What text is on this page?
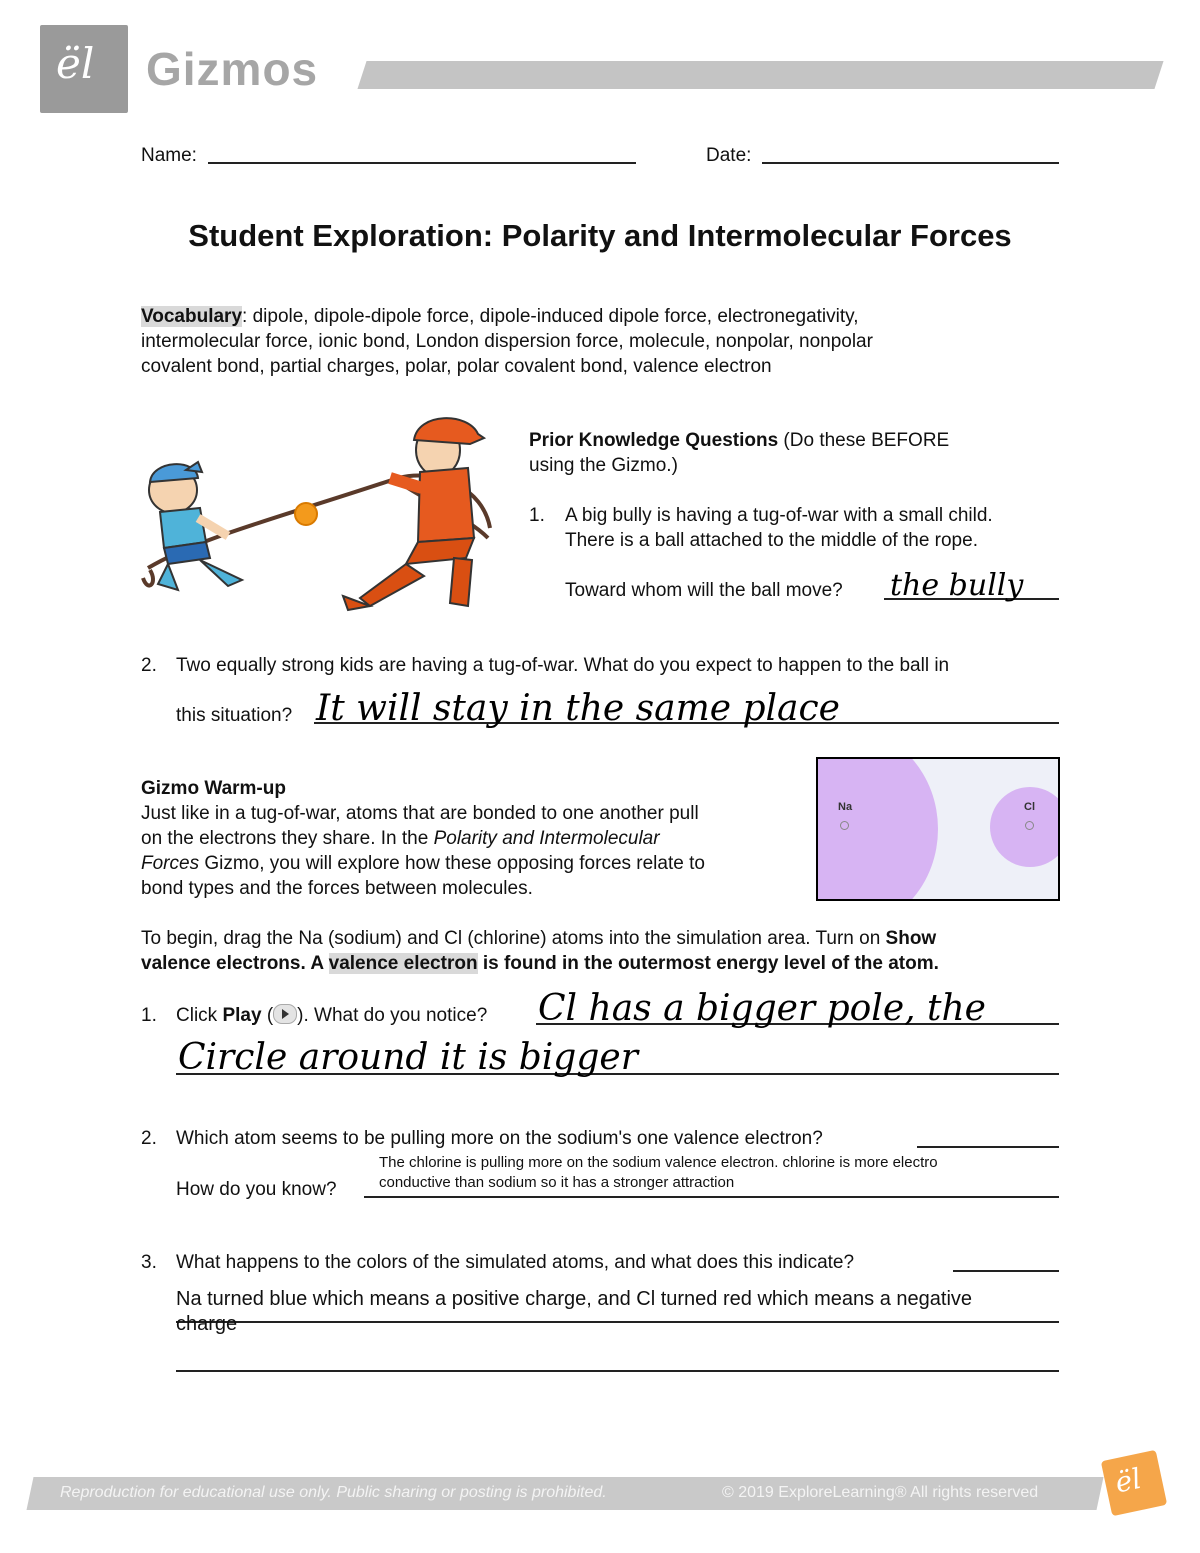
ël Gizmos
Name:	Date:
Student Exploration: Polarity and Intermolecular Forces
Vocabulary: dipole, dipole-dipole force, dipole-induced dipole force, electronegativity,
intermolecular force, ionic bond, London dispersion force, molecule, nonpolar, nonpolar
covalent bond, partial charges, polar, polar covalent bond, valence electron
Prior Knowledge Questions (Do these BEFORE
using the Gizmo.)
1. A big bully is having a tug-of-war with a small child.
There is a ball attached to the middle of the rope.
Toward whom will the ball move? the bully
2. Two equally strong kids are having a tug-of-war. What do you expect to happen to the ball in
this situation? It will stay in the same place
Gizmo Warm-up
Just like in a tug-of-war, atoms that are bonded to one another pull
on the electrons they share. In the Polarity and Intermolecular
Forces Gizmo, you will explore how these opposing forces relate to
bond types and the forces between molecules.
Na	Cl
To begin, drag the Na (sodium) and Cl (chlorine) atoms into the simulation area. Turn on Show
valence electrons. A valence electron is found in the outermost energy level of the atom.
1. Click Play ( ). What do you notice? Cl has a bigger pole, the
Circle around it is bigger
2. Which atom seems to be pulling more on the sodium's one valence electron?
The chlorine is pulling more on the sodium valence electron. chlorine is more electro
How do you know?	conductive than sodium so it has a stronger attraction
3. What happens to the colors of the simulated atoms, and what does this indicate?
Na turned blue which means a positive charge, and Cl turned red which means a negative
charge
Reproduction for educational use only. Public sharing or posting is prohibited.	© 2019 ExploreLearning® All rights reserved	ël
